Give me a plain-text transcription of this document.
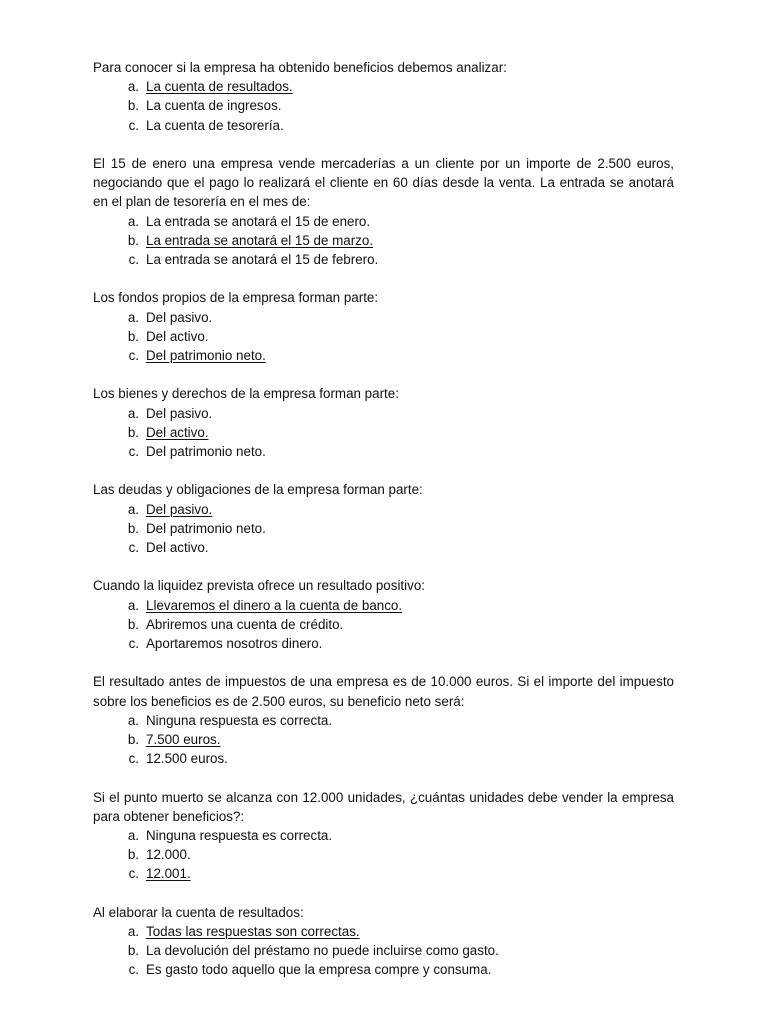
Para conocer si la empresa ha obtenido beneficios debemos analizar:

a. La cuenta de resultados.
b. La cuenta de ingresos.
c. La cuenta de tesorería.

El 15 de enero una empresa vende mercaderías a un cliente por un importe de 2.500 euros, negociando que el pago lo realizará el cliente en 60 días desde la venta. La entrada se anotará en el plan de tesorería en el mes de:

a. La entrada se anotará el 15 de enero.
b. La entrada se anotará el 15 de marzo.
c. La entrada se anotará el 15 de febrero.

Los fondos propios de la empresa forman parte:

a. Del pasivo.
b. Del activo.
c. Del patrimonio neto.

Los bienes y derechos de la empresa forman parte:

a. Del pasivo.
b. Del activo.
c. Del patrimonio neto.

Las deudas y obligaciones de la empresa forman parte:

a. Del pasivo.
b. Del patrimonio neto.
c. Del activo.

Cuando la liquidez prevista ofrece un resultado positivo:

a. Llevaremos el dinero a la cuenta de banco.
b. Abriremos una cuenta de crédito.
c. Aportaremos nosotros dinero.

El resultado antes de impuestos de una empresa es de 10.000 euros. Si el importe del impuesto sobre los beneficios es de 2.500 euros, su beneficio neto será:

a. Ninguna respuesta es correcta.
b. 7.500 euros.
c. 12.500 euros.

Si el punto muerto se alcanza con 12.000 unidades, ¿cuántas unidades debe vender la empresa para obtener beneficios?:

a. Ninguna respuesta es correcta.
b. 12.000.
c. 12.001.

Al elaborar la cuenta de resultados:

a. Todas las respuestas son correctas.
b. La devolución del préstamo no puede incluirse como gasto.
c. Es gasto todo aquello que la empresa compre y consuma.
